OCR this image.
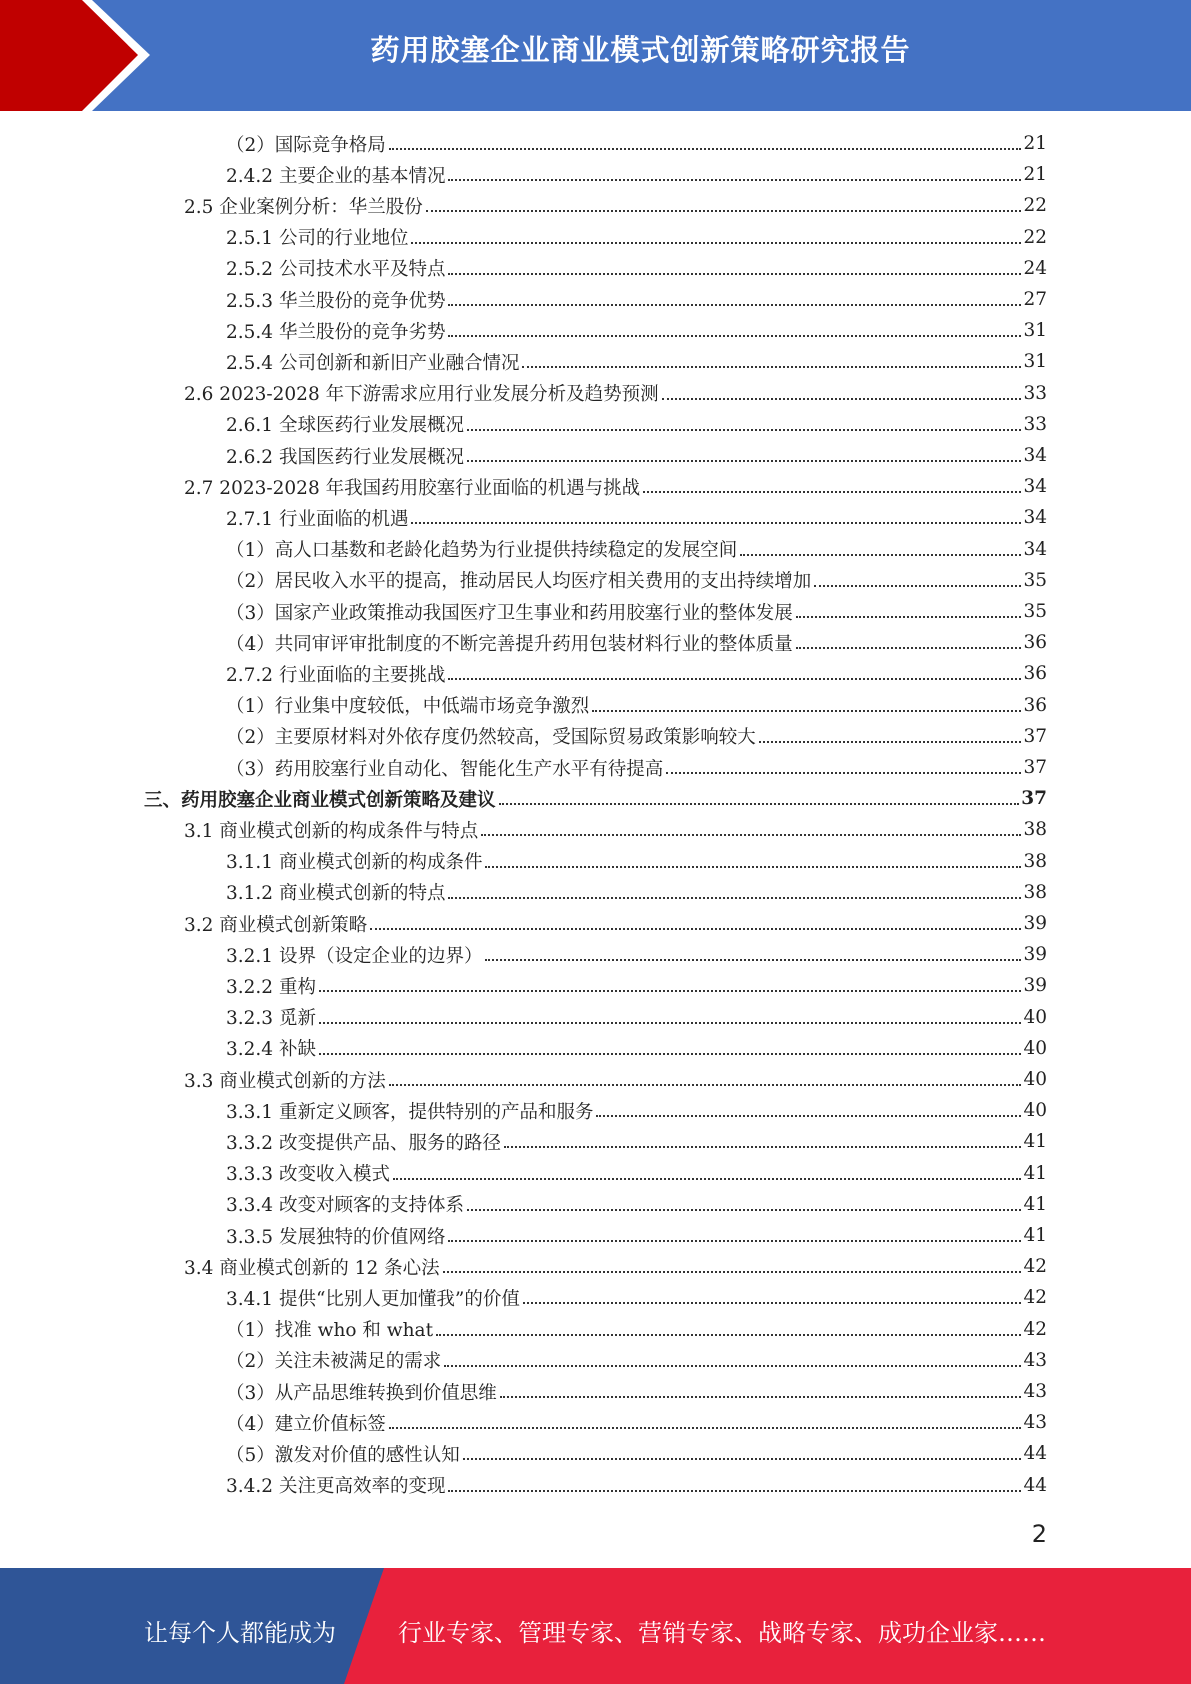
药用胶塞企业商业模式创新策略研究报告
（2）国际竞争格局	21
2.4.2 主要企业的基本情况	21
2.5 企业案例分析：华兰股份	22
2.5.1 公司的行业地位	22
2.5.2 公司技术水平及特点	24
2.5.3 华兰股份的竞争优势	27
2.5.4 华兰股份的竞争劣势	31
2.5.4 公司创新和新旧产业融合情况	31
2.6 2023-2028 年下游需求应用行业发展分析及趋势预测	33
2.6.1 全球医药行业发展概况	33
2.6.2 我国医药行业发展概况	34
2.7 2023-2028 年我国药用胶塞行业面临的机遇与挑战	34
2.7.1 行业面临的机遇	34
（1）高人口基数和老龄化趋势为行业提供持续稳定的发展空间	34
（2）居民收入水平的提高，推动居民人均医疗相关费用的支出持续增加	35
（3）国家产业政策推动我国医疗卫生事业和药用胶塞行业的整体发展	35
（4）共同审评审批制度的不断完善提升药用包装材料行业的整体质量	36
2.7.2 行业面临的主要挑战	36
（1）行业集中度较低，中低端市场竞争激烈	36
（2）主要原材料对外依存度仍然较高，受国际贸易政策影响较大	37
（3）药用胶塞行业自动化、智能化生产水平有待提高	37
三、药用胶塞企业商业模式创新策略及建议	37
3.1 商业模式创新的构成条件与特点	38
3.1.1 商业模式创新的构成条件	38
3.1.2 商业模式创新的特点	38
3.2 商业模式创新策略	39
3.2.1 设界（设定企业的边界）	39
3.2.2 重构	39
3.2.3 觅新	40
3.2.4 补缺	40
3.3 商业模式创新的方法	40
3.3.1 重新定义顾客，提供特别的产品和服务	40
3.3.2 改变提供产品、服务的路径	41
3.3.3 改变收入模式	41
3.3.4 改变对顾客的支持体系	41
3.3.5 发展独特的价值网络	41
3.4 商业模式创新的 12 条心法	42
3.4.1 提供“比别人更加懂我”的价值	42
（1）找准 who 和 what	42
（2）关注未被满足的需求	43
（3）从产品思维转换到价值思维	43
（4）建立价值标签	43
（5）激发对价值的感性认知	44
3.4.2 关注更高效率的变现	44
2
让每个人都能成为	行业专家、管理专家、营销专家、战略专家、成功企业家……
